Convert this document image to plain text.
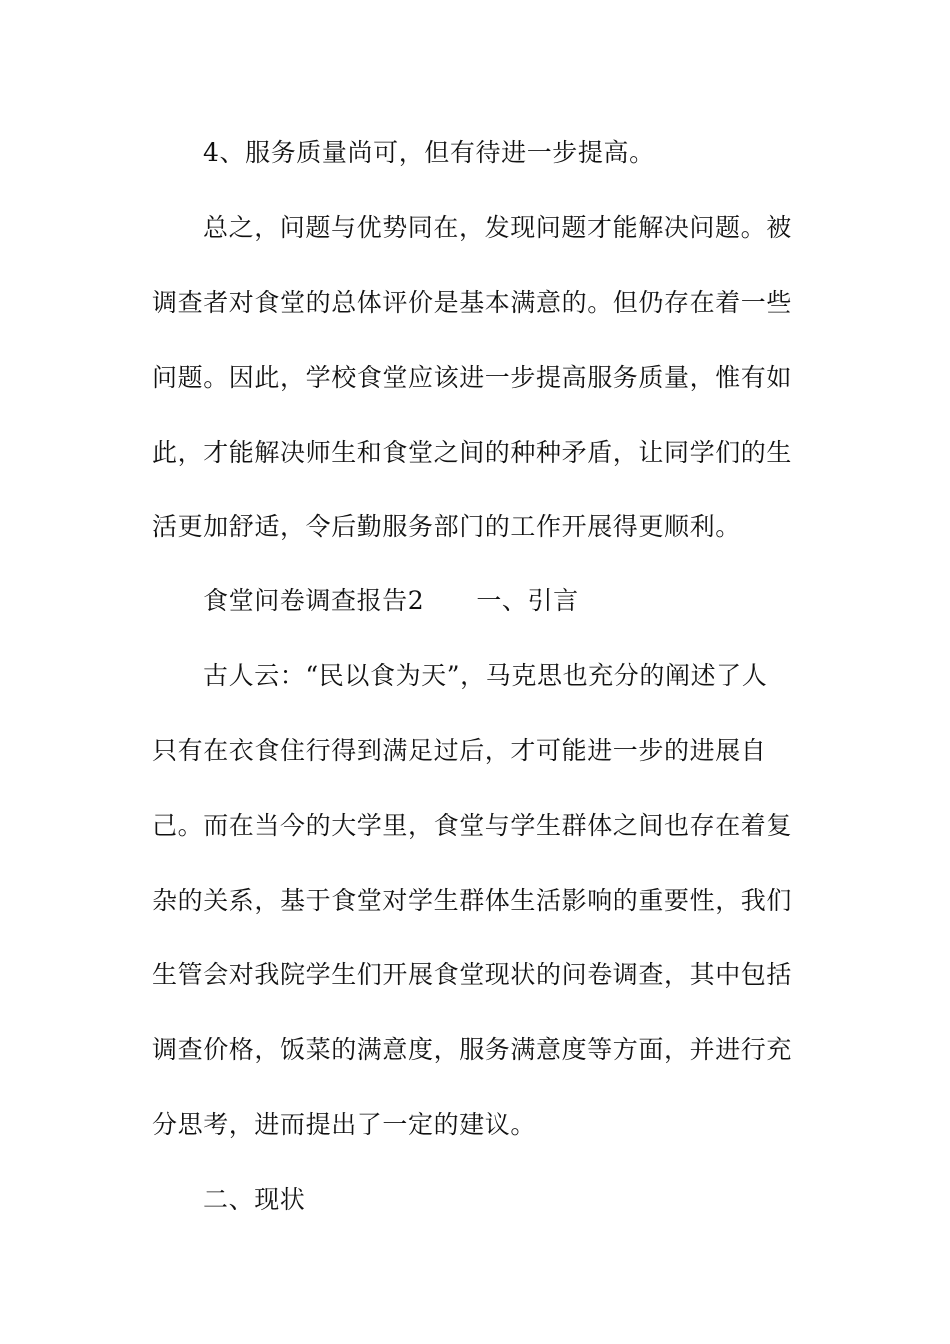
4、服务质量尚可，但有待进一步提高。
总之，问题与优势同在，发现问题才能解决问题。被
调查者对食堂的总体评价是基本满意的。但仍存在着一些
问题。因此，学校食堂应该进一步提高服务质量，惟有如
此，才能解决师生和食堂之间的种种矛盾，让同学们的生
活更加舒适，令后勤服务部门的工作开展得更顺利。
食堂问卷调查报告2 一、引言
古人云：“民以食为天”，马克思也充分的阐述了人
只有在衣食住行得到满足过后，才可能进一步的进展自
己。而在当今的大学里，食堂与学生群体之间也存在着复
杂的关系，基于食堂对学生群体生活影响的重要性，我们
生管会对我院学生们开展食堂现状的问卷调查，其中包括
调查价格，饭菜的满意度，服务满意度等方面，并进行充
分思考，进而提出了一定的建议。
二、现状
